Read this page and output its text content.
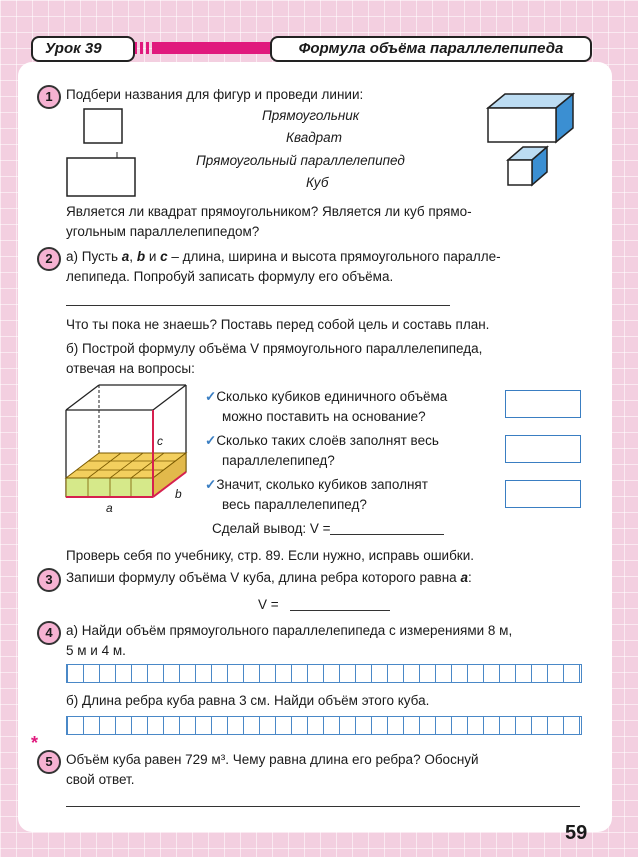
Урок 39	Формула объёма параллелепипеда
1 Подбери названия для фигур и проведи линии:
Прямоугольник
Квадрат
Прямоугольный параллелепипед
Куб
Является ли квадрат прямоугольником? Является ли куб прямо-
угольным параллелепипедом?
2 а) Пусть a, b и c – длина, ширина и высота прямоугольного паралле-
лепипеда. Попробуй записать формулу его объёма.
Что ты пока не знаешь? Поставь перед собой цель и составь план.
б) Построй формулу объёма V прямоугольного параллелепипеда,
отвечая на вопросы:
a
b
c
✓Сколько кубиков единичного объёма
можно поставить на основание?
✓Сколько таких слоёв заполнят весь
параллелепипед?
✓Значит, сколько кубиков заполнят
весь параллелепипед?
Сделай вывод: V =
Проверь себя по учебнику, стр. 89. Если нужно, исправь ошибки.
3 Запиши формулу объёма V куба, длина ребра которого равна a:
V =
4 а) Найди объём прямоугольного параллелепипеда с измерениями 8 м,
5 м и 4 м.
б) Длина ребра куба равна 3 см. Найди объём этого куба.
*
5 Объём куба равен 729 м³. Чему равна длина его ребра? Обоснуй
свой ответ.
59
